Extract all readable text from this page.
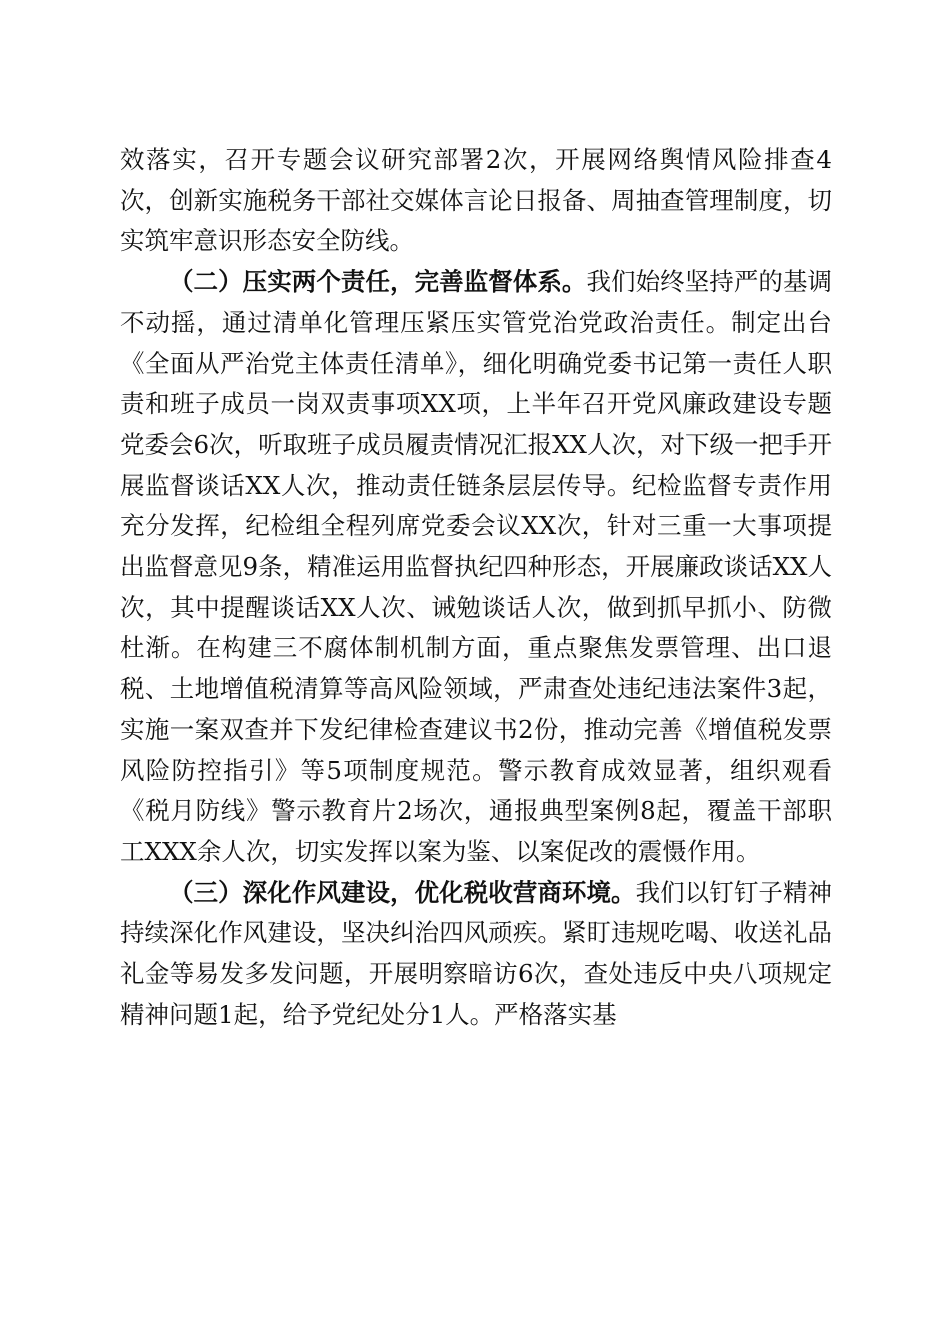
效落实，召开专题会议研究部署2次，开展网络舆情风险排查4次，创新实施税务干部社交媒体言论日报备、周抽查管理制度，切实筑牢意识形态安全防线。

（二）压实两个责任，完善监督体系。我们始终坚持严的基调不动摇，通过清单化管理压紧压实管党治党政治责任。制定出台《全面从严治党主体责任清单》，细化明确党委书记第一责任人职责和班子成员一岗双责事项XX项，上半年召开党风廉政建设专题党委会6次，听取班子成员履责情况汇报XX人次，对下级一把手开展监督谈话XX人次，推动责任链条层层传导。纪检监督专责作用充分发挥，纪检组全程列席党委会议XX次，针对三重一大事项提出监督意见9条，精准运用监督执纪四种形态，开展廉政谈话XX人次，其中提醒谈话XX人次、诫勉谈话人次，做到抓早抓小、防微杜渐。在构建三不腐体制机制方面，重点聚焦发票管理、出口退税、土地增值税清算等高风险领域，严肃查处违纪违法案件3起，实施一案双查并下发纪律检查建议书2份，推动完善《增值税发票风险防控指引》等5项制度规范。警示教育成效显著，组织观看《税月防线》警示教育片2场次，通报典型案例8起，覆盖干部职工XXX余人次，切实发挥以案为鉴、以案促改的震慑作用。

（三）深化作风建设，优化税收营商环境。我们以钉钉子精神持续深化作风建设，坚决纠治四风顽疾。紧盯违规吃喝、收送礼品礼金等易发多发问题，开展明察暗访6次，查处违反中央八项规定精神问题1起，给予党纪处分1人。严格落实基
